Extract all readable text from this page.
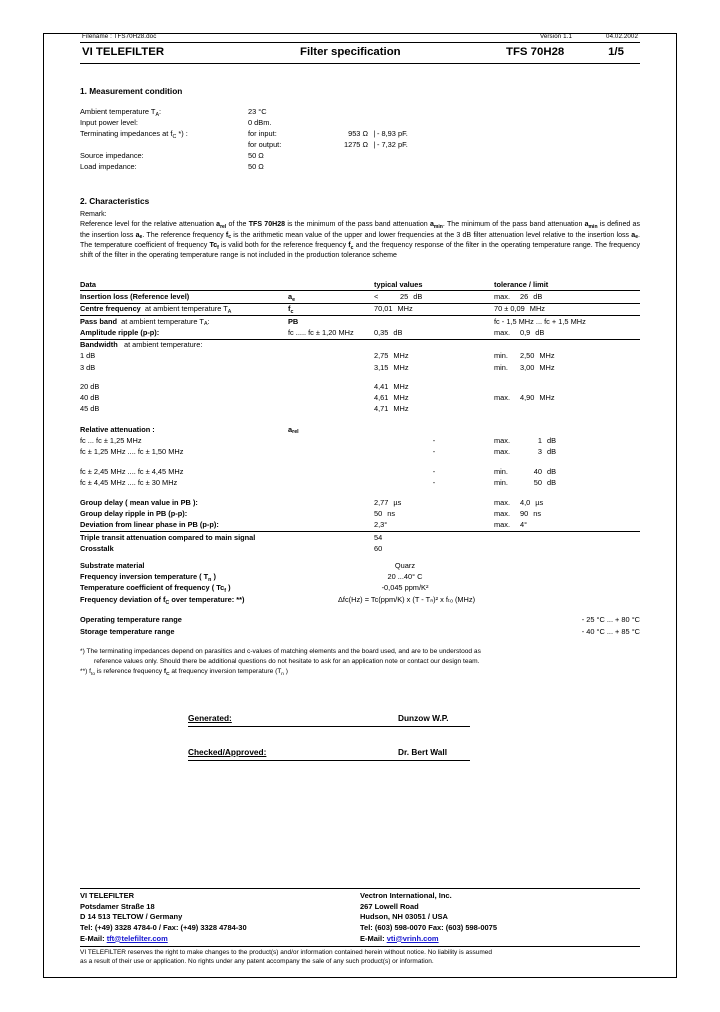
Filename : TFS70H28.doc	Version 1.1	04.02.2002
VI TELEFILTER	Filter specification	TFS 70H28	1/5
1. Measurement condition
Ambient temperature $T_A$:	23 °C			
Input power level:	0 dBm.			
Terminating impedances at $f_C$ *) :	for input:	953 Ω	|	- 8,93 pF.
	for output:	1275 Ω	|	- 7,32 pF.
Source impedance:	50 Ω			
Load impedance:	50 Ω			
2. Characteristics
Remark:
Reference level for the relative attenuation $a_{rel}$ of the TFS 70H28 is the minimum of the pass band attenuation $a_{min}$. The minimum of the pass band attenuation $a_{min}$ is defined as the insertion loss $a_e$. The reference frequency $f_c$ is the arithmetic mean value of the upper and lower frequencies at the 3 dB filter attenuation level relative to the insertion loss $a_e$. The temperature coefficient of frequency $Tc_f$ is valid both for the reference frequency $f_c$ and the frequency response of the filter in the operating temperature range. The frequency shift of the filter in the operating temperature range is not included in the production tolerance scheme
Data		typical values	tolerance / limit
Insertion loss (Reference level)	$a_e$	< 25 dB	max. 26 dB
Centre frequency at ambient temperature $T_A$	$f_c$	70,01 MHz	70 ± 0,09 MHz
Pass band at ambient temperature $T_A$:	PB		fᴄ - 1,5 MHz ... fᴄ + 1,5 MHz
Amplitude ripple (p-p):	fᴄ ..... fᴄ ± 1,20 MHz	0,35 dB	max. 0,9 dB
Bandwidth at ambient temperature:			
1 dB		2,75 MHz	min. 2,50 MHz
3 dB		3,15 MHz	min. 3,00 MHz

20 dB		4,41 MHz	
40 dB		4,61 MHz	max. 4,90 MHz
45 dB		4,71 MHz	

Relative attenuation :	$a_{rel}$		
fᴄ ... fᴄ ± 1,25 MHz		-	max. 1 dB
fᴄ ± 1,25 MHz .... fᴄ ± 1,50 MHz		-	max. 3 dB

fᴄ ± 2,45 MHz .... fᴄ ± 4,45 MHz		-	min. 40 dB
fᴄ ± 4,45 MHz .... fᴄ ± 30 MHz		-	min. 50 dB

Group delay ( mean value in PB ):		2,77 µs	max. 4,0 µs
Group delay ripple in PB (p-p):		50 ns	max. 90 ns
Deviation from linear phase in PB (p-p):		2,3°	max. 4°
Triple transit attenuation compared to main signal		54	
Crosstalk		60	
Substrate material	Quarz	
Frequency inversion temperature ( $T_n$ )	20 ...40° C	
Temperature coefficient of frequency ( $Tc_f$ )	-0,045 ppm/K²	
Frequency deviation of $f_C$ over temperature: **)	Δfᴄ(Hz) = Tc(ppm/K) x (T - Tₙ)² x fₜₒ (MHz)	

Operating temperature range		- 25 °C ... + 80 °C
Storage temperature range		- 40 °C ... + 85 °C
*) The terminating impedances depend on parasitics and c-values of matching elements and the board used, and are to be understood as
reference values only. Should there be additional questions do not hesitate to ask for an application note or contact our design team.
**) $f_{to}$ is reference frequency $f_C$ at frequency inversion temperature ($T_n$ )
Generated:	Dunzow W.P.
Checked/Approved:	Dr. Bert Wall
VI TELEFILTER
Potsdamer Straße 18
D 14 513 TELTOW / Germany
Tel: (+49) 3328 4784-0 / Fax: (+49) 3328 4784-30
E-Mail: tft@telefilter.com
Vectron International, Inc.
267 Lowell Road
Hudson, NH 03051 / USA
Tel: (603) 598-0070 Fax: (603) 598-0075
E-Mail: vti@vrinh.com
VI TELEFILTER reserves the right to make changes to the product(s) and/or information contained herein without notice. No liability is assumed
as a result of their use or application. No rights under any patent accompany the sale of any such product(s) or information.
